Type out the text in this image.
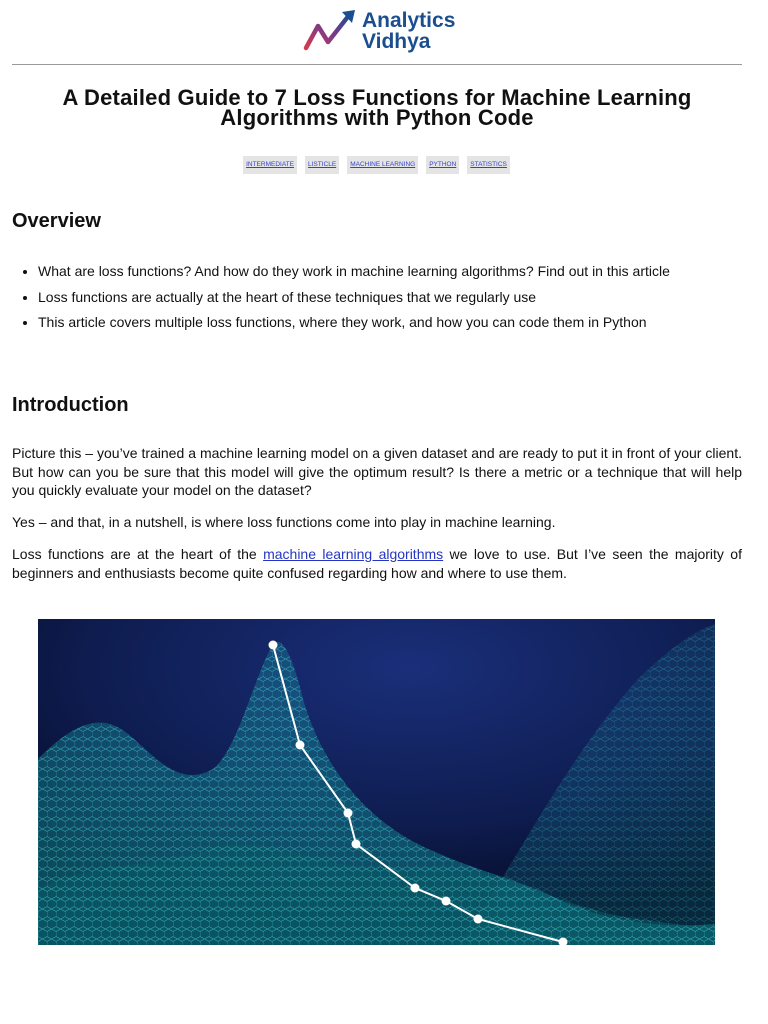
Analytics
Vidhya
A Detailed Guide to 7 Loss Functions for Machine Learning Algorithms with Python Code
INTERMEDIATE LISTICLE MACHINE LEARNING PYTHON STATISTICS
Overview
• What are loss functions? And how do they work in machine learning algorithms? Find out in this article
• Loss functions are actually at the heart of these techniques that we regularly use
• This article covers multiple loss functions, where they work, and how you can code them in Python
Introduction

Picture this – you’ve trained a machine learning model on a given dataset and are ready to put it in front of your client. But how can you be sure that this model will give the optimum result? Is there a metric or a technique that will help you quickly evaluate your model on the dataset?

Yes – and that, in a nutshell, is where loss functions come into play in machine learning.

Loss functions are at the heart of the machine learning algorithms we love to use. But I’ve seen the majority of beginners and enthusiasts become quite confused regarding how and where to use them.
